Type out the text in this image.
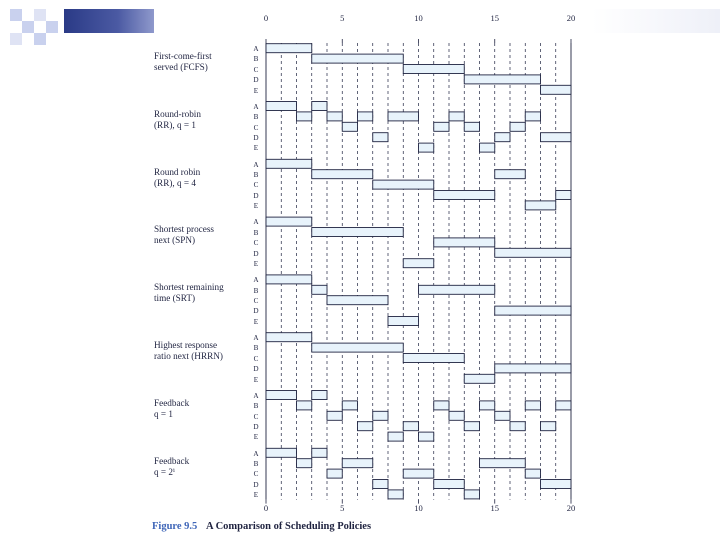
Figure 9.5 A Comparison of Scheduling Policies
0
0
5
5
10
10
15
15
20
20
First-come-first
served (FCFS)
A
B
C
D
E
Round-robin
(RR), q = 1
A
B
C
D
E
Round robin
(RR), q = 4
A
B
C
D
E
Shortest process
next (SPN)
A
B
C
D
E
Shortest remaining
time (SRT)
A
B
C
D
E
Highest response
ratio next (HRRN)
A
B
C
D
E
Feedback
q = 1
A
B
C
D
E
Feedback
q = 2ⁱ
A
B
C
D
E
